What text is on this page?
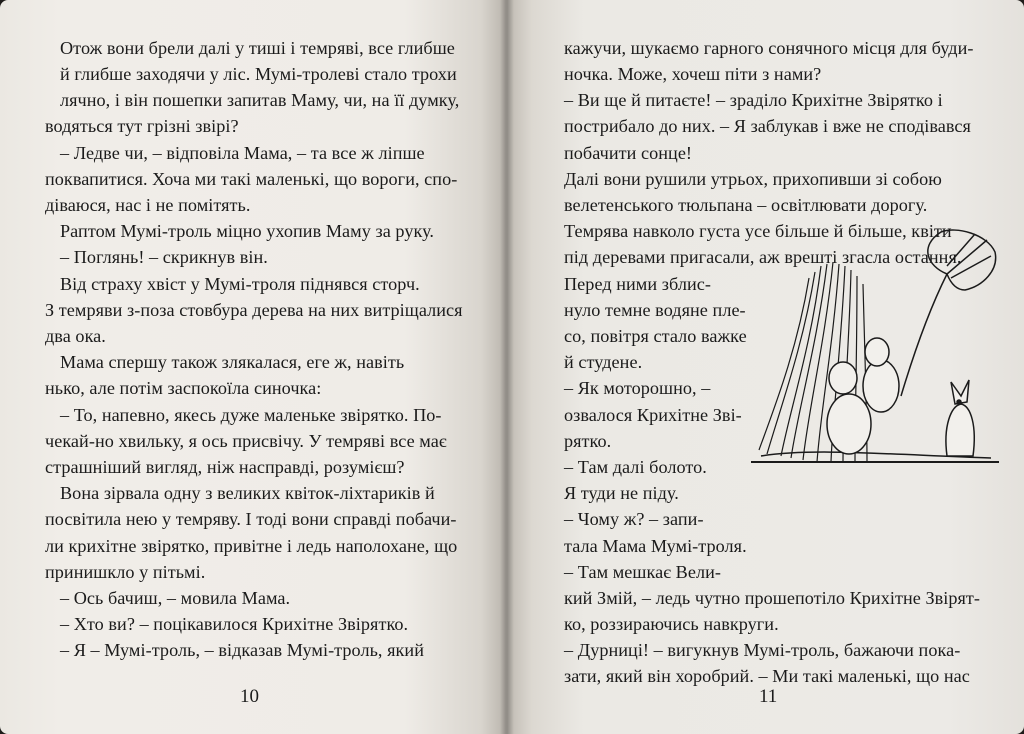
Отож вони брели далі у тиші і темряві, все глибше
й глибше заходячи у ліс. Мумі-тролеві стало трохи
лячно, і він пошепки запитав Маму, чи, на її думку,
водяться тут грізні звірі?
– Ледве чи, – відповіла Мама, – та все ж ліпше
поквапитися. Хоча ми такі маленькі, що вороги, спо-
діваюся, нас і не помітять.
Раптом Мумі-троль міцно ухопив Маму за руку.
– Поглянь! – скрикнув він.
Від страху хвіст у Мумі-троля піднявся сторч.
З темряви з-поза стовбура дерева на них витріщалися
два ока.
Мама спершу також злякалася, еге ж, навіть
нько, але потім заспокоїла синочка:
– То, напевно, якесь дуже маленьке звірятко. По-
чекай-но хвильку, я ось присвічу. У темряві все має
страшніший вигляд, ніж насправді, розумієш?
Вона зірвала одну з великих квіток-ліхтариків й
посвітила нею у темряву. І тоді вони справді побачи-
ли крихітне звірятко, привітне і ледь наполохане, що
принишкло у пітьмі.
– Ось бачиш, – мовила Мама.
– Хто ви? – поцікавилося Крихітне Звірятко.
– Я – Мумі-троль, – відказав Мумі-троль, який
10
кажучи, шукаємо гарного сонячного місця для буди-
ночка. Може, хочеш піти з нами?
– Ви ще й питаєте! – зраділо Крихітне Звірятко і
пострибало до них. – Я заблукав і вже не сподівався
побачити сонце!
Далі вони рушили утрьох, прихопивши зі собою
велетенського тюльпана – освітлювати дорогу.
Темрява навколо густа усе більше й більше, квіти
під деревами пригасали, аж врешті згасла остання.
Перед ними зблис-
нуло темне водяне пле-
со, повітря стало важке
й студене.
– Як моторошно, –
озвалося Крихітне Зві-
рятко.
– Там далі болото.
Я туди не піду.
– Чому ж? – запи-
тала Мама Мумі-троля.
– Там мешкає Вели-
кий Змій, – ледь чутно прошепотіло Крихітне Звірят-
ко, роззираючись навкруги.
– Дурниці! – вигукнув Мумі-троль, бажаючи пока-
зати, який він хоробрий. – Ми такі маленькі, що нас
11
